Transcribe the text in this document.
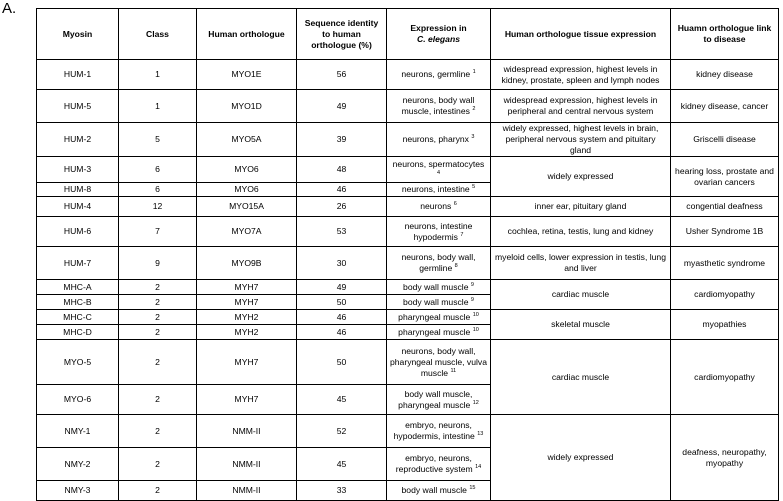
A.
Myosin	Class	Human orthologue	Sequence identity to human orthologue (%)	Expression in
C. elegans	Human orthologue tissue expression	Huamn orthologue link to disease
HUM-1	1	MYO1E	56	neurons, germline $^1$	widespread expression, highest levels in kidney, prostate, spleen and lymph nodes	kidney disease
HUM-5	1	MYO1D	49	neurons, body wall muscle, intestines $^2$	widespread expression, highest levels in peripheral and central nervous system	kidney disease, cancer
HUM-2	5	MYO5A	39	neurons, pharynx $^3$	widely expressed, highest levels in brain, peripheral nervous system and pituitary gland	Griscelli disease
HUM-3	6	MYO6	48	neurons, spermatocytes $^4$	widely expressed	hearing loss, prostate and ovarian cancers
HUM-8	6	MYO6	46	neurons, intestine $^5$
HUM-4	12	MYO15A	26	neurons $^6$	inner ear, pituitary gland	congential deafness
HUM-6	7	MYO7A	53	neurons, intestine hypodermis $^7$	cochlea, retina, testis, lung and kidney	Usher Syndrome 1B
HUM-7	9	MYO9B	30	neurons, body wall, germline $^8$	myeloid cells, lower expression in testis, lung and liver	myasthetic syndrome
MHC-A	2	MYH7	49	body wall muscle $^9$	cardiac muscle	cardiomyopathy
MHC-B	2	MYH7	50	body wall muscle $^9$
MHC-C	2	MYH2	46	pharyngeal muscle $^{10}$	skeletal muscle	myopathies
MHC-D	2	MYH2	46	pharyngeal muscle $^{10}$
MYO-5	2	MYH7	50	neurons, body wall, pharyngeal muscle, vulva muscle $^{11}$	cardiac muscle	cardiomyopathy
MYO-6	2	MYH7	45	body wall muscle, pharyngeal muscle $^{12}$
NMY-1	2	NMM-II	52	embryo, neurons, hypodermis, intestine $^{13}$	widely expressed	deafness, neuropathy, myopathy
NMY-2	2	NMM-II	45	embryo, neurons, reproductive system $^{14}$
NMY-3	2	NMM-II	33	body wall muscle $^{15}$
